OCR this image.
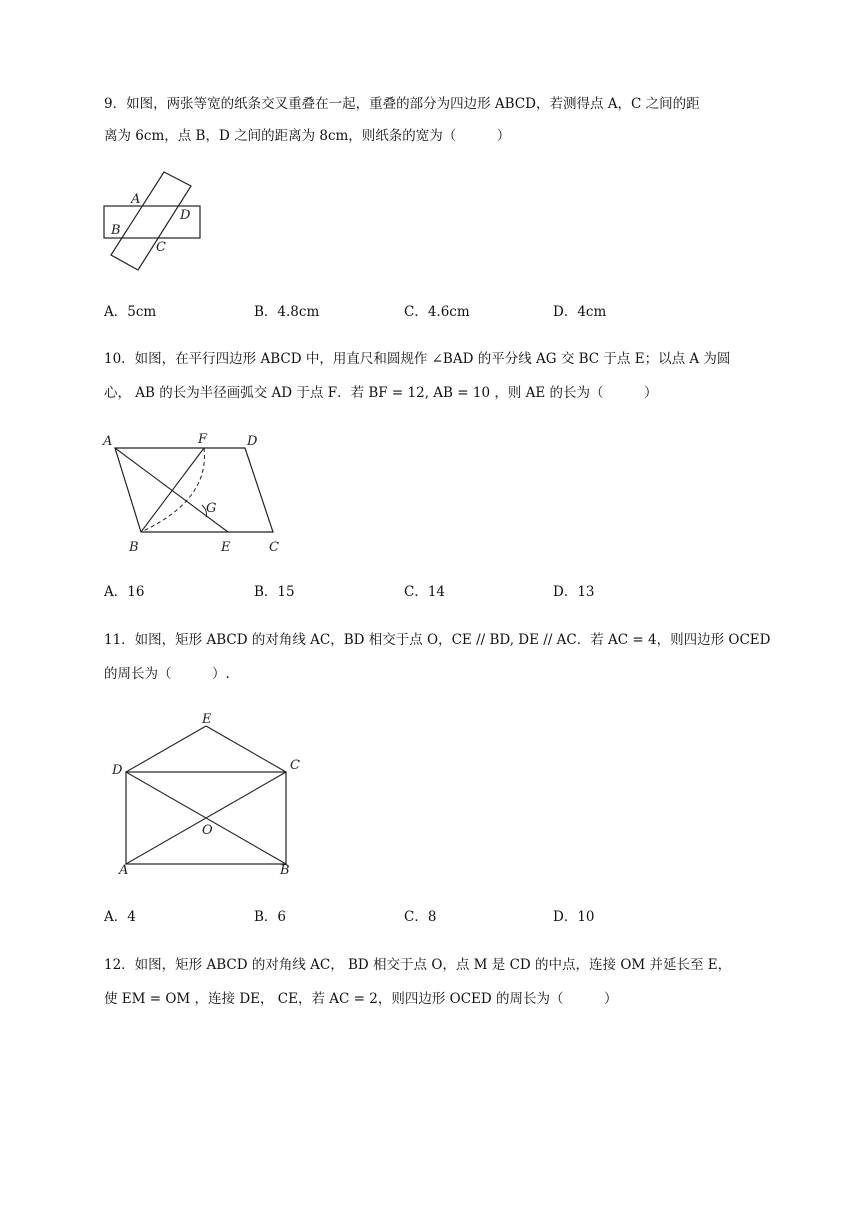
9．如图，两张等宽的纸条交叉重叠在一起，重叠的部分为四边形 ABCD，若测得点 A，C 之间的距
离为 6cm，点 B，D 之间的距离为 8cm，则纸条的宽为（　　　）
A
B
C
D
A．5cm	B．4.8cm	C．4.6cm	D．4cm
10．如图，在平行四边形 ABCD 中，用直尺和圆规作 ∠BAD 的平分线 AG 交 BC 于点 E；以点 A 为圆
心， AB 的长为半径画弧交 AD 于点 F．若 BF = 12, AB = 10 ，则 AE 的长为（　　　）
A	F	D
G
B	E	C
A．16	B．15	C．14	D．13
11．如图，矩形 ABCD 的对角线 AC，BD 相交于点 O，CE // BD, DE // AC．若 AC = 4，则四边形 OCED
的周长为（　　　）.
E
D	C
O
A	B
A．4	B．6	C．8	D．10
12．如图，矩形 ABCD 的对角线 AC， BD 相交于点 O，点 M 是 CD 的中点，连接 OM 并延长至 E，
使 EM = OM ，连接 DE， CE，若 AC = 2，则四边形 OCED 的周长为（　　　）
